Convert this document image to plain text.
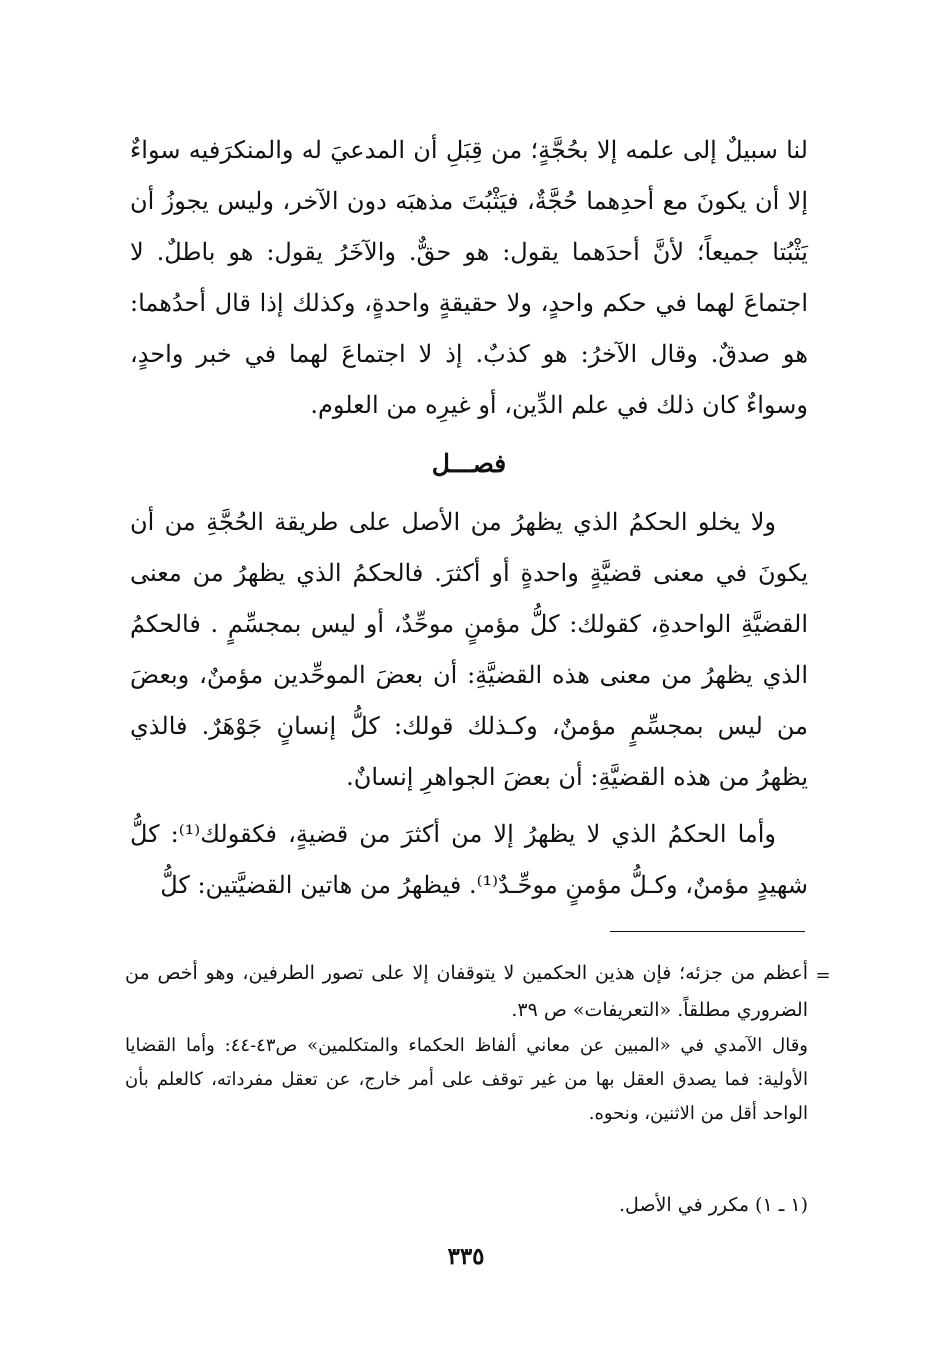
لنا سبيلٌ إلى علمه إلا بحُجَّةٍ؛ من قِبَلِ أن المدعيَ له والمنكرَفيه سواءٌ إلا أن يكونَ مع أحدِهما حُجَّةٌ، فيَثْبُتَ مذهبَه دون الآخر، وليس يجوزُ أن يَثْبُتا جميعاً؛ لأنَّ أحدَهما يقول: هو حقٌّ. والآخَرُ يقول: هو باطلٌ. لا اجتماعَ لهما في حكم واحدٍ، ولا حقيقةٍ واحدةٍ، وكذلك إذا قال أحدُهما: هو صدقٌ. وقال الآخرُ: هو كذبٌ. إذ لا اجتماعَ لهما في خبر واحدٍ، وسواءٌ كان ذلك في علم الدِّين، أو غيرِه من العلوم.

فصـــل

ولا يخلو الحكمُ الذي يظهرُ من الأصل على طريقة الحُجَّةِ من أن يكونَ في معنى قضيَّةٍ واحدةٍ أو أكثرَ. فالحكمُ الذي يظهرُ من معنى القضيَّةِ الواحدةِ، كقولك: كلُّ مؤمنٍ موحِّدٌ، أو ليس بمجسِّمٍ . فالحكمُ الذي يظهرُ من معنى هذه القضيَّةِ: أن بعضَ الموحِّدين مؤمنٌ، وبعضَ من ليس بمجسِّمٍ مؤمنٌ، وكـذلك قولك: كلُّ إنسانٍ جَوْهَرٌ. فالذي يظهرُ من هذه القضيَّةِ: أن بعضَ الجواهرِ إنسانٌ.

وأما الحكمُ الذي لا يظهرُ إلا من أكثرَ من قضيةٍ، فكقولك⁽¹⁾: كلُّ شهيدٍ مؤمنٌ، وكـلُّ مؤمنٍ موحِّـدٌ⁽¹⁾. فيظهرُ من هاتين القضيَّتين: كلُّ

=

أعظم من جزئه؛ فإن هذين الحكمين لا يتوقفان إلا على تصور الطرفين، وهو أخص من الضروري مطلقاً. «التعريفات» ص ٣٩.

وقال الآمدي في «المبين عن معاني ألفاظ الحكماء والمتكلمين» ص٤٣-٤٤: وأما القضايا الأولية: فما يصدق العقل بها من غير توقف على أمر خارج، عن تعقل مفرداته، كالعلم بأن الواحد أقل من الاثنين، ونحوه.

(١ ـ ١) مكرر في الأصل.
٣٣٥
